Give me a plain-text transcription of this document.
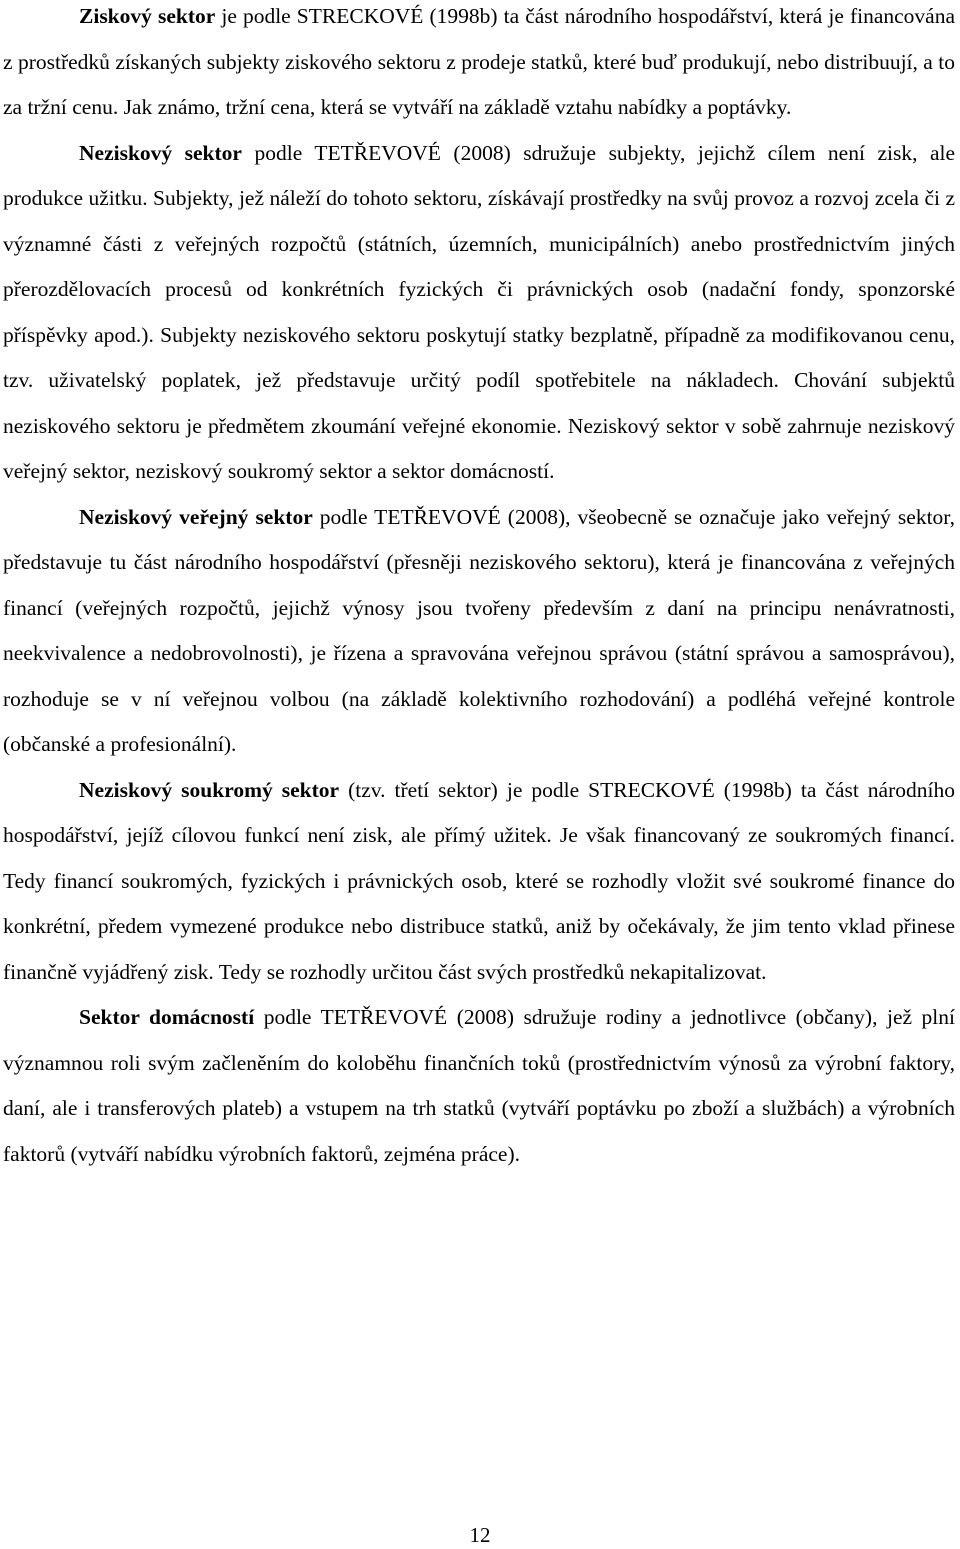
Ziskový sektor je podle STRECKOVÉ (1998b) ta část národního hospodářství, která je financována z prostředků získaných subjekty ziskového sektoru z prodeje statků, které buď produkují, nebo distribuují, a to za tržní cenu. Jak známo, tržní cena, která se vytváří na základě vztahu nabídky a poptávky.

Neziskový sektor podle TETŘEVOVÉ (2008) sdružuje subjekty, jejichž cílem není zisk, ale produkce užitku. Subjekty, jež náleží do tohoto sektoru, získávají prostředky na svůj provoz a rozvoj zcela či z významné části z veřejných rozpočtů (státních, územních, municipálních) anebo prostřednictvím jiných přerozdělovacích procesů od konkrétních fyzických či právnických osob (nadační fondy, sponzorské příspěvky apod.). Subjekty neziskového sektoru poskytují statky bezplatně, případně za modifikovanou cenu, tzv. uživatelský poplatek, jež představuje určitý podíl spotřebitele na nákladech. Chování subjektů neziskového sektoru je předmětem zkoumání veřejné ekonomie. Neziskový sektor v sobě zahrnuje neziskový veřejný sektor, neziskový soukromý sektor a sektor domácností.

Neziskový veřejný sektor podle TETŘEVOVÉ (2008), všeobecně se označuje jako veřejný sektor, představuje tu část národního hospodářství (přesněji neziskového sektoru), která je financována z veřejných financí (veřejných rozpočtů, jejichž výnosy jsou tvořeny především z daní na principu nenávratnosti, neekvivalence a nedobrovolnosti), je řízena a spravována veřejnou správou (státní správou a samosprávou), rozhoduje se v ní veřejnou volbou (na základě kolektivního rozhodování) a podléhá veřejné kontrole (občanské a profesionální).

Neziskový soukromý sektor (tzv. třetí sektor) je podle STRECKOVÉ (1998b) ta část národního hospodářství, jejíž cílovou funkcí není zisk, ale přímý užitek. Je však financovaný ze soukromých financí. Tedy financí soukromých, fyzických i právnických osob, které se rozhodly vložit své soukromé finance do konkrétní, předem vymezené produkce nebo distribuce statků, aniž by očekávaly, že jim tento vklad přinese finančně vyjádřený zisk. Tedy se rozhodly určitou část svých prostředků nekapitalizovat.

Sektor domácností podle TETŘEVOVÉ (2008) sdružuje rodiny a jednotlivce (občany), jež plní významnou roli svým začleněním do koloběhu finančních toků (prostřednictvím výnosů za výrobní faktory, daní, ale i transferových plateb) a vstupem na trh statků (vytváří poptávku po zboží a službách) a výrobních faktorů (vytváří nabídku výrobních faktorů, zejména práce).

12
